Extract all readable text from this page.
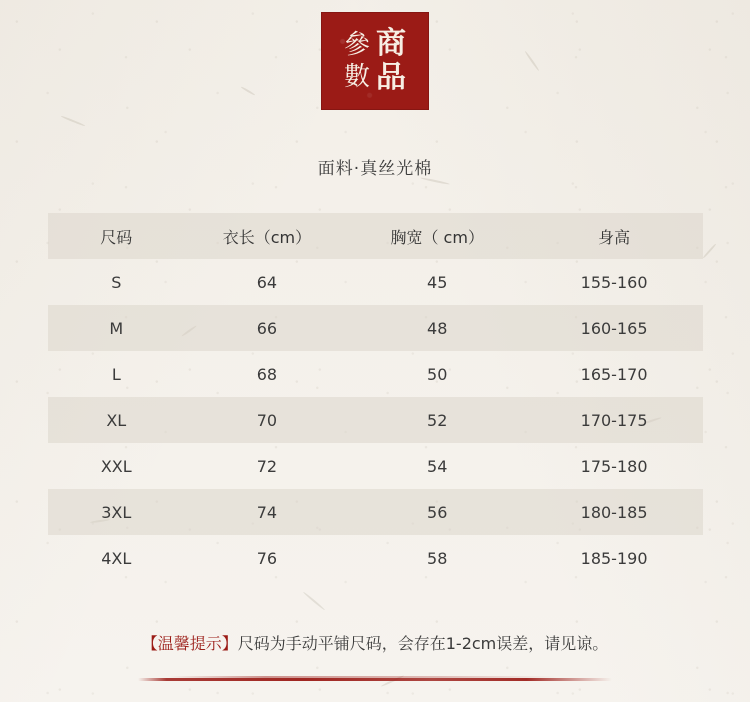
參
數
商
品
面料·真丝光棉
尺码	衣长（cm）	胸宽（ cm）	身高
S	64	45	155-160
M	66	48	160-165
L	68	50	165-170
XL	70	52	170-175
XXL	72	54	175-180
3XL	74	56	180-185
4XL	76	58	185-190
【温馨提示】尺码为手动平铺尺码，会存在1-2cm误差，请见谅。
